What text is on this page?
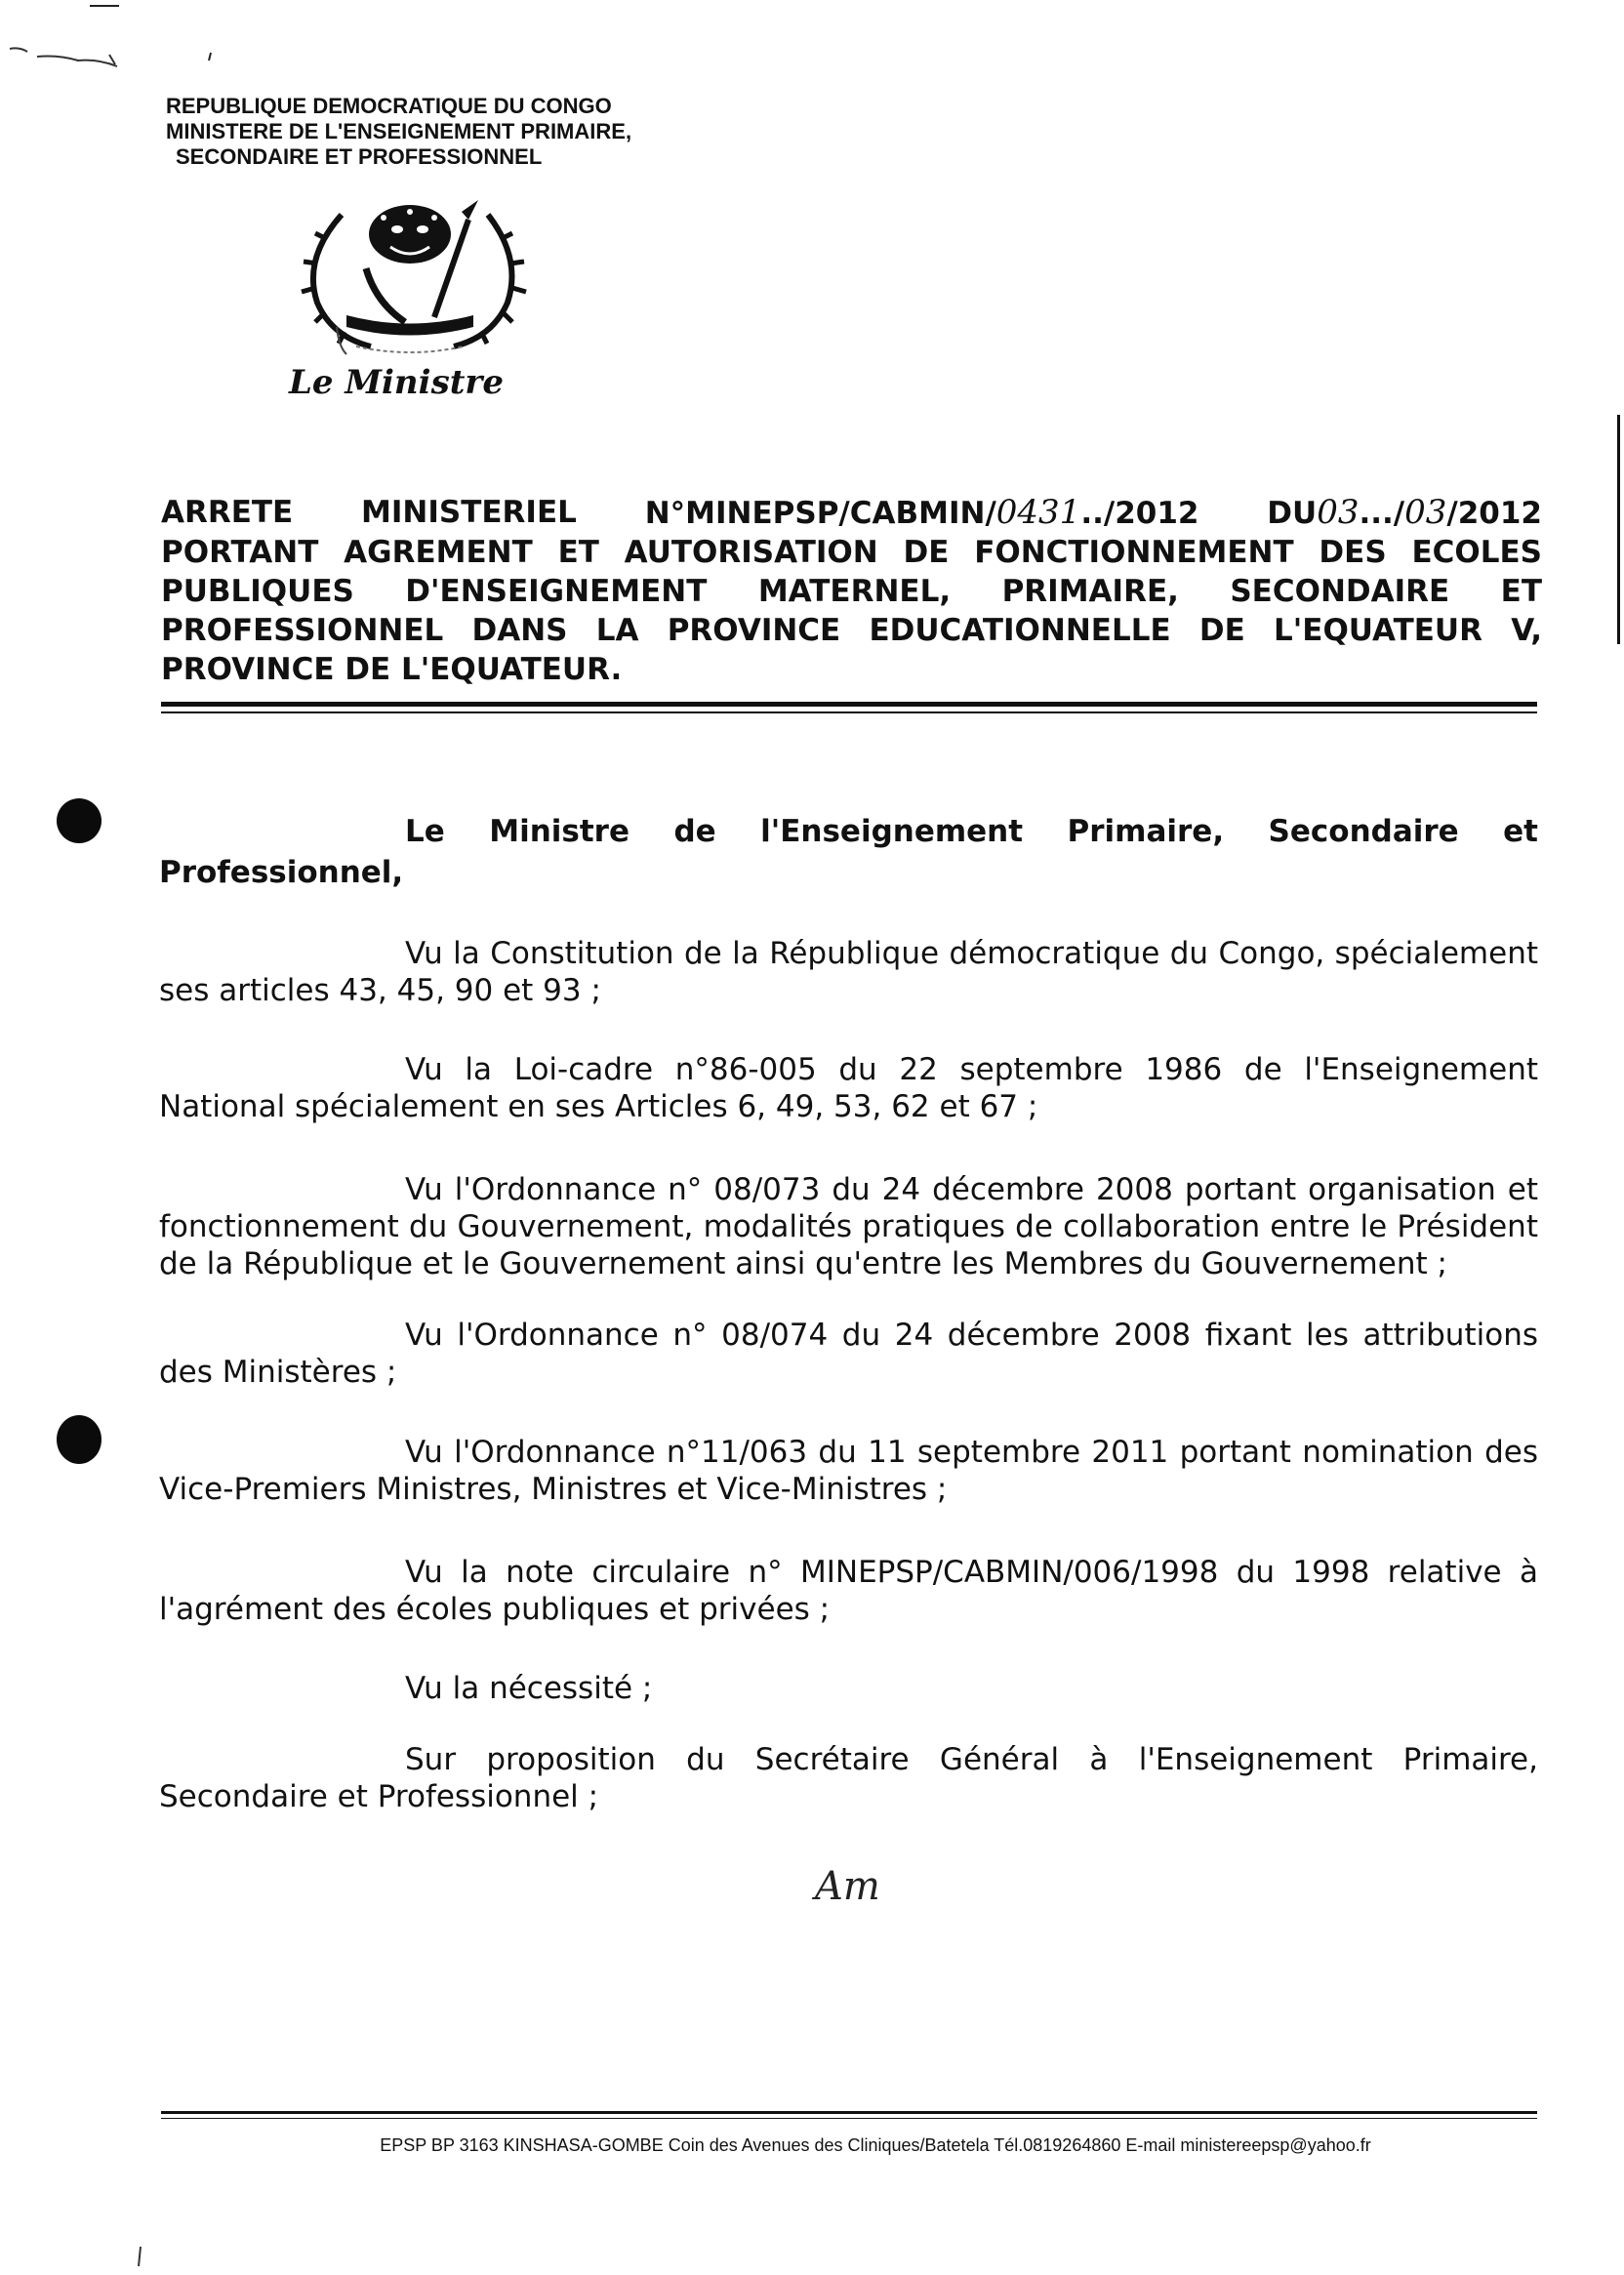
REPUBLIQUE DEMOCRATIQUE DU CONGO
MINISTERE DE L'ENSEIGNEMENT PRIMAIRE,
SECONDAIRE ET PROFESSIONNEL
Le Ministre
ARRETE MINISTERIEL N°MINEPSP/CABMIN/0431../2012 DU03.../03/2012
PORTANT AGREMENT ET AUTORISATION DE FONCTIONNEMENT DES ECOLES
PUBLIQUES D'ENSEIGNEMENT MATERNEL, PRIMAIRE, SECONDAIRE ET
PROFESSIONNEL DANS LA PROVINCE EDUCATIONNELLE DE L'EQUATEUR V,
PROVINCE DE L'EQUATEUR.
Le Ministre de l'Enseignement Primaire, Secondaire et Professionnel,
Vu la Constitution de la République démocratique du Congo, spécialement ses articles 43, 45, 90 et 93 ;
Vu la Loi-cadre n°86-005 du 22 septembre 1986 de l'Enseignement National spécialement en ses Articles 6, 49, 53, 62 et 67 ;
Vu l'Ordonnance n° 08/073 du 24 décembre 2008 portant organisation et fonctionnement du Gouvernement, modalités pratiques de collaboration entre le Président de la République et le Gouvernement ainsi qu'entre les Membres du Gouvernement ;
Vu l'Ordonnance n° 08/074 du 24 décembre 2008 fixant les attributions des Ministères ;
Vu l'Ordonnance n°11/063 du 11 septembre 2011 portant nomination des Vice-Premiers Ministres, Ministres et Vice-Ministres ;
Vu la note circulaire n° MINEPSP/CABMIN/006/1998 du 1998 relative à l'agrément des écoles publiques et privées ;
Vu la nécessité ;
Sur proposition du Secrétaire Général à l'Enseignement Primaire, Secondaire et Professionnel ;
Am
EPSP BP 3163 KINSHASA-GOMBE Coin des Avenues des Cliniques/Batetela Tél.0819264860 E-mail ministereepsp@yahoo.fr
